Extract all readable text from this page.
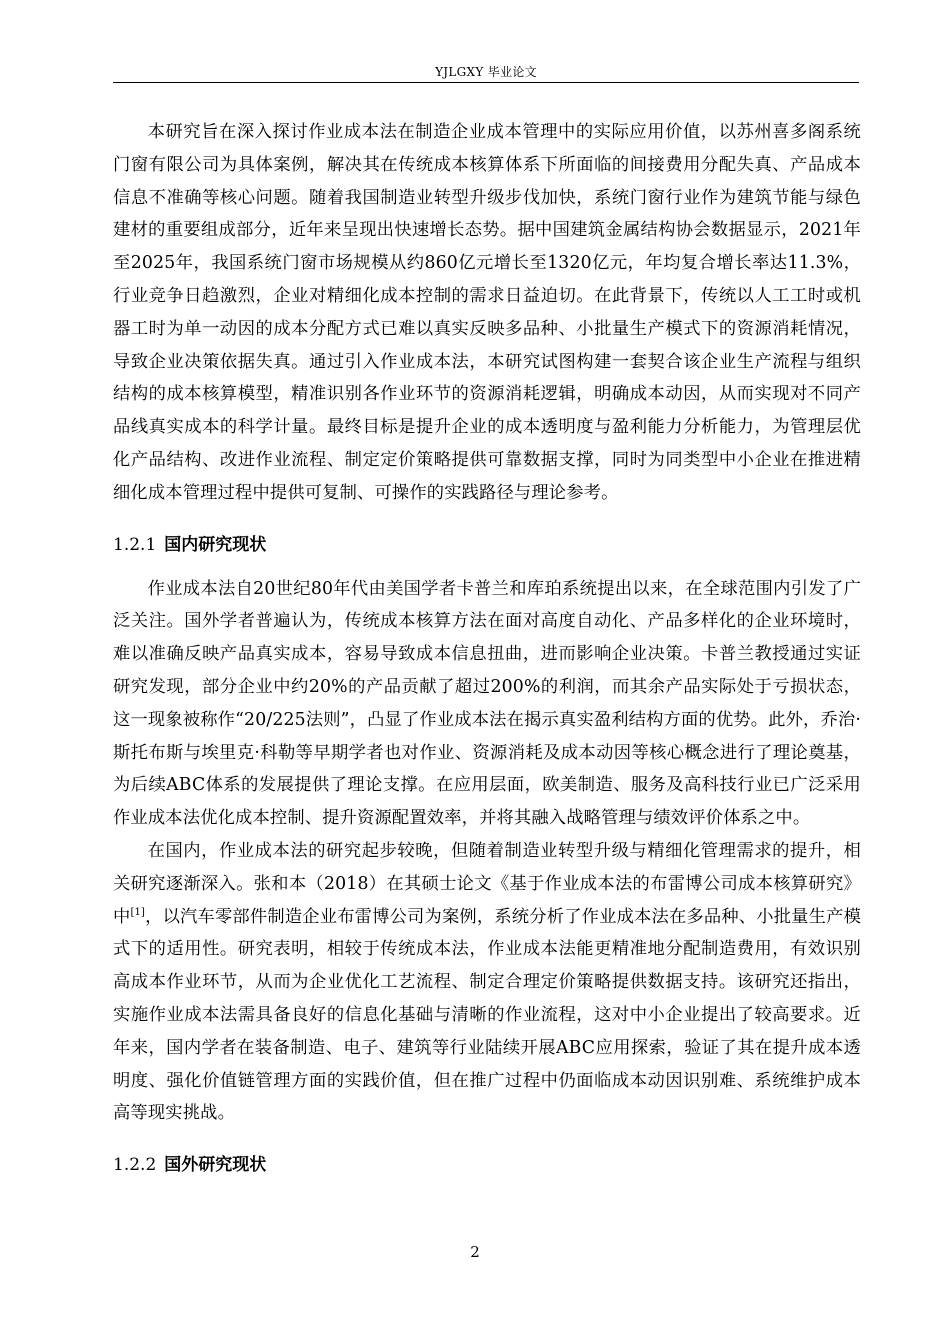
YJLGXY 毕业论文

本研究旨在深入探讨作业成本法在制造企业成本管理中的实际应用价值，以苏州喜多阁系统门窗有限公司为具体案例，解决其在传统成本核算体系下所面临的间接费用分配失真、产品成本信息不准确等核心问题。随着我国制造业转型升级步伐加快，系统门窗行业作为建筑节能与绿色建材的重要组成部分，近年来呈现出快速增长态势。据中国建筑金属结构协会数据显示，2021年至2025年，我国系统门窗市场规模从约860亿元增长至1320亿元，年均复合增长率达11.3%，行业竞争日趋激烈，企业对精细化成本控制的需求日益迫切。在此背景下，传统以人工工时或机器工时为单一动因的成本分配方式已难以真实反映多品种、小批量生产模式下的资源消耗情况，导致企业决策依据失真。通过引入作业成本法，本研究试图构建一套契合该企业生产流程与组织结构的成本核算模型，精准识别各作业环节的资源消耗逻辑，明确成本动因，从而实现对不同产品线真实成本的科学计量。最终目标是提升企业的成本透明度与盈利能力分析能力，为管理层优化产品结构、改进作业流程、制定定价策略提供可靠数据支撑，同时为同类型中小企业在推进精细化成本管理过程中提供可复制、可操作的实践路径与理论参考。

1.2.1 国内研究现状

作业成本法自20世纪80年代由美国学者卡普兰和库珀系统提出以来，在全球范围内引发了广泛关注。国外学者普遍认为，传统成本核算方法在面对高度自动化、产品多样化的企业环境时，难以准确反映产品真实成本，容易导致成本信息扭曲，进而影响企业决策。卡普兰教授通过实证研究发现，部分企业中约20%的产品贡献了超过200%的利润，而其余产品实际处于亏损状态，这一现象被称作“20/225法则”，凸显了作业成本法在揭示真实盈利结构方面的优势。此外，乔治·斯托布斯与埃里克·科勒等早期学者也对作业、资源消耗及成本动因等核心概念进行了理论奠基，为后续ABC体系的发展提供了理论支撑。在应用层面，欧美制造、服务及高科技行业已广泛采用作业成本法优化成本控制、提升资源配置效率，并将其融入战略管理与绩效评价体系之中。

在国内，作业成本法的研究起步较晚，但随着制造业转型升级与精细化管理需求的提升，相关研究逐渐深入。张和本（2018）在其硕士论文《基于作业成本法的布雷博公司成本核算研究》中[1]，以汽车零部件制造企业布雷博公司为案例，系统分析了作业成本法在多品种、小批量生产模式下的适用性。研究表明，相较于传统成本法，作业成本法能更精准地分配制造费用，有效识别高成本作业环节，从而为企业优化工艺流程、制定合理定价策略提供数据支持。该研究还指出，实施作业成本法需具备良好的信息化基础与清晰的作业流程，这对中小企业提出了较高要求。近年来，国内学者在装备制造、电子、建筑等行业陆续开展ABC应用探索，验证了其在提升成本透明度、强化价值链管理方面的实践价值，但在推广过程中仍面临成本动因识别难、系统维护成本高等现实挑战。

1.2.2 国外研究现状
2
